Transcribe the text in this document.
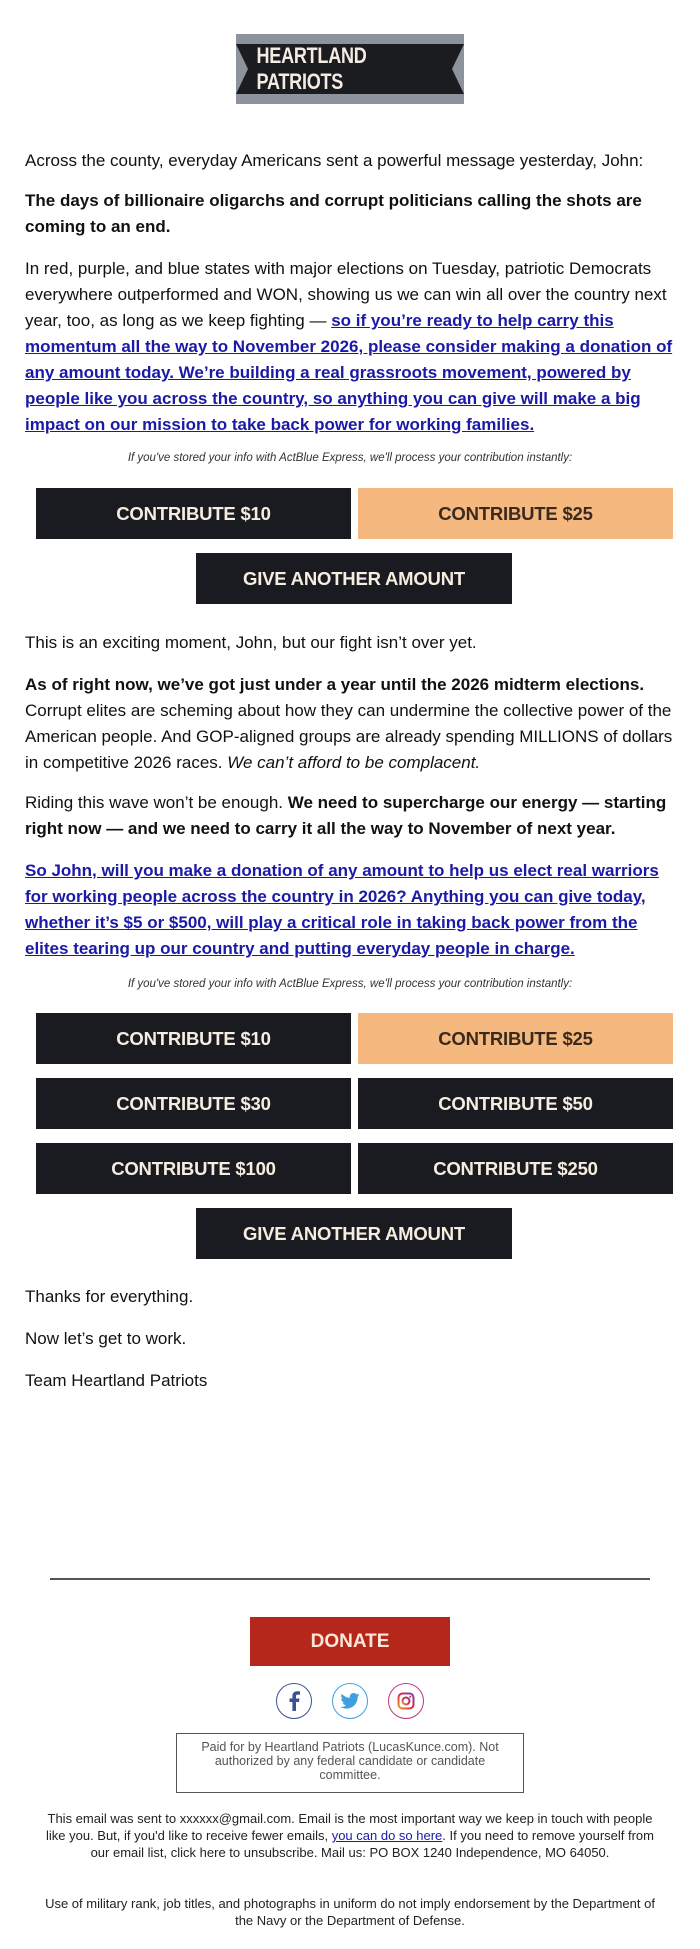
HEARTLAND PATRIOTS
Across the county, everyday Americans sent a powerful message yesterday, John:
The days of billionaire oligarchs and corrupt politicians calling the shots are coming to an end.
In red, purple, and blue states with major elections on Tuesday, patriotic Democrats everywhere outperformed and WON, showing us we can win all over the country next year, too, as long as we keep fighting — so if you’re ready to help carry this momentum all the way to November 2026, please consider making a donation of any amount today. We’re building a real grassroots movement, powered by people like you across the country, so anything you can give will make a big impact on our mission to take back power for working families.
If you've stored your info with ActBlue Express, we'll process your contribution instantly:
CONTRIBUTE $10	CONTRIBUTE $25
GIVE ANOTHER AMOUNT
This is an exciting moment, John, but our fight isn’t over yet.
As of right now, we’ve got just under a year until the 2026 midterm elections. Corrupt elites are scheming about how they can undermine the collective power of the American people. And GOP-aligned groups are already spending MILLIONS of dollars in competitive 2026 races. We can’t afford to be complacent.
Riding this wave won’t be enough. We need to supercharge our energy — starting right now — and we need to carry it all the way to November of next year.
So John, will you make a donation of any amount to help us elect real warriors for working people across the country in 2026? Anything you can give today, whether it’s $5 or $500, will play a critical role in taking back power from the elites tearing up our country and putting everyday people in charge.
If you've stored your info with ActBlue Express, we'll process your contribution instantly:
CONTRIBUTE $10	CONTRIBUTE $25
CONTRIBUTE $30	CONTRIBUTE $50
CONTRIBUTE $100	CONTRIBUTE $250
GIVE ANOTHER AMOUNT
Thanks for everything.
Now let’s get to work.
Team Heartland Patriots
DONATE
Paid for by Heartland Patriots (LucasKunce.com). Not authorized by any federal candidate or candidate committee.
This email was sent to xxxxxx@gmail.com. Email is the most important way we keep in touch with people like you. But, if you'd like to receive fewer emails, you can do so here. If you need to remove yourself from our email list, click here to unsubscribe. Mail us: PO BOX 1240 Independence, MO 64050.
Use of military rank, job titles, and photographs in uniform do not imply endorsement by the Department of the Navy or the Department of Defense.
